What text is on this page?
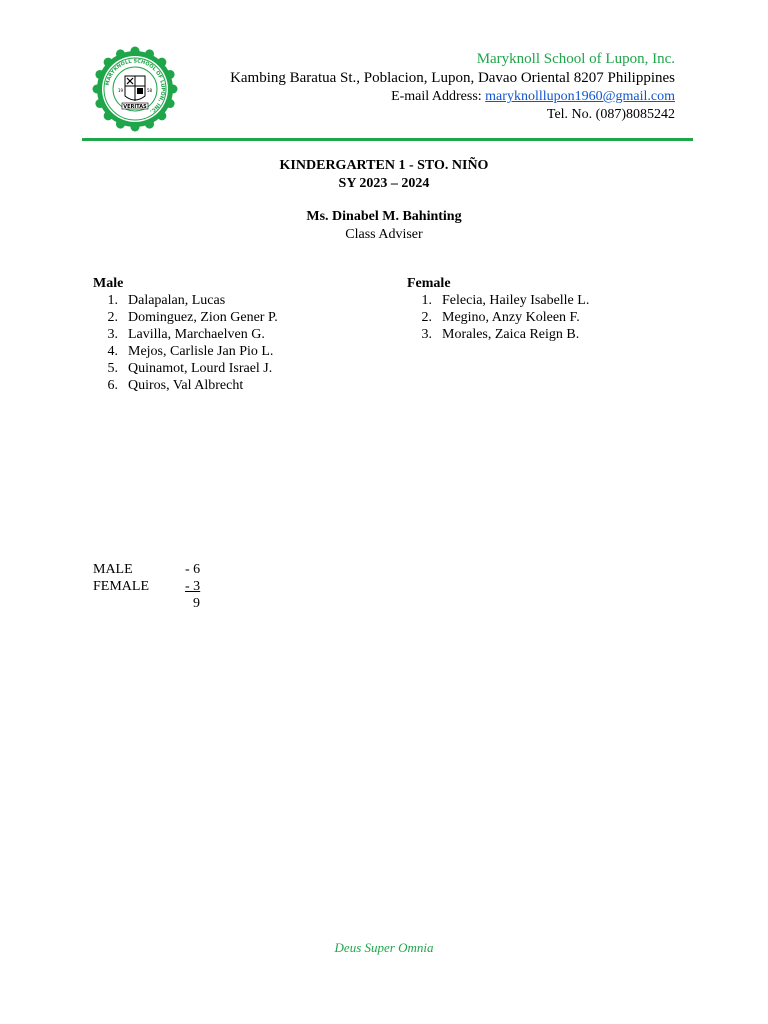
MARYKNOLL SCHOOL OF LUPON, INC.
19	58
VERITAS
Maryknoll School of Lupon, Inc.
Kambing Baratua St., Poblacion, Lupon, Davao Oriental 8207 Philippines
E-mail Address: maryknolllupon1960@gmail.com
Tel. No. (087)8085242
KINDERGARTEN 1 - STO. NIÑO
SY 2023 – 2024
Ms. Dinabel M. Bahinting
Class Adviser
Male
1. Dalapalan, Lucas
2. Dominguez, Zion Gener P.
3. Lavilla, Marchaelven G.
4. Mejos, Carlisle Jan Pio L.
5. Quinamot, Lourd Israel J.
6. Quiros, Val Albrecht
Female
1. Felecia, Hailey Isabelle L.
2. Megino, Anzy Koleen F.
3. Morales, Zaica Reign B.
MALE	- 6
FEMALE	- 3
9
Deus Super Omnia
